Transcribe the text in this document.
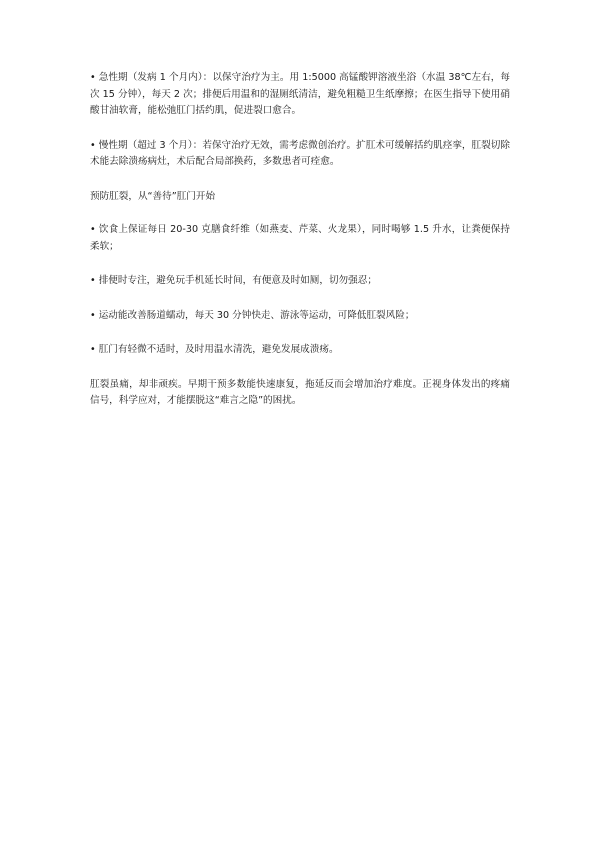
• 急性期（发病 1 个月内）：以保守治疗为主。用 1:5000 高锰酸钾溶液坐浴（水温 38℃左右，每次 15 分钟），每天 2 次；排便后用温和的湿厕纸清洁，避免粗糙卫生纸摩擦；在医生指导下使用硝酸甘油软膏，能松弛肛门括约肌，促进裂口愈合。

• 慢性期（超过 3 个月）：若保守治疗无效，需考虑微创治疗。扩肛术可缓解括约肌痉挛，肛裂切除术能去除溃疡病灶，术后配合局部换药，多数患者可痊愈。

预防肛裂，从“善待”肛门开始

• 饮食上保证每日 20-30 克膳食纤维（如燕麦、芹菜、火龙果），同时喝够 1.5 升水，让粪便保持柔软；

• 排便时专注，避免玩手机延长时间，有便意及时如厕，切勿强忍；

• 运动能改善肠道蠕动，每天 30 分钟快走、游泳等运动，可降低肛裂风险；

• 肛门有轻微不适时，及时用温水清洗，避免发展成溃疡。

肛裂虽痛，却非顽疾。早期干预多数能快速康复，拖延反而会增加治疗难度。正视身体发出的疼痛信号，科学应对，才能摆脱这“难言之隐”的困扰。
